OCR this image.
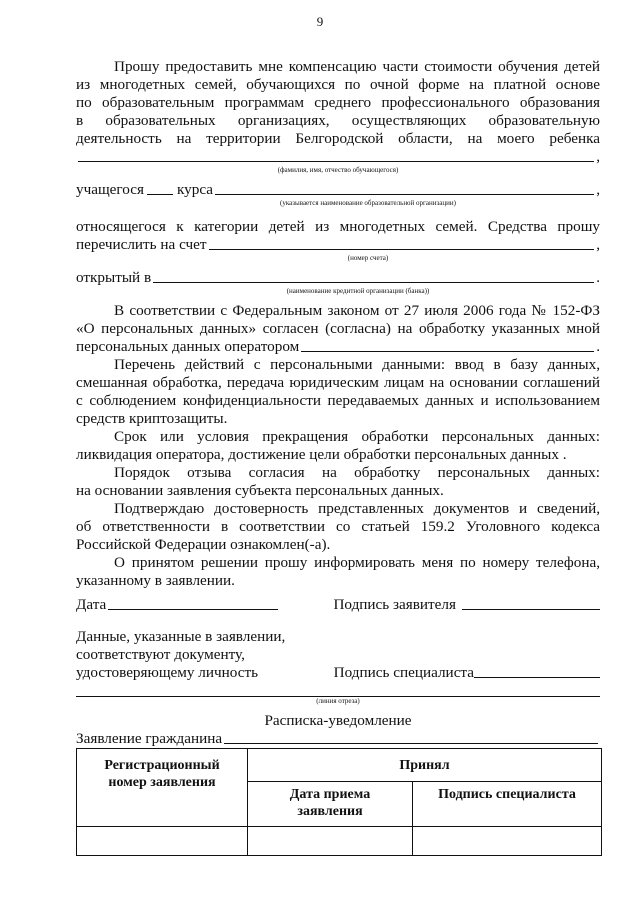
9

Прошу предоставить мне компенсацию части стоимости обучения детей

из многодетных семей, обучающихся по очной форме на платной основе

по образовательным программам среднего профессионального образования

в образовательных организациях, осуществляющих образовательную

деятельность на территории Белгородской области, на моего ребенка

,

(фамилия, имя, отчество обучающегося)

учащегося курса	,

(указывается наименование образовательной организации)

относящегося к категории детей из многодетных семей. Средства прошу

перечислить на счет	,

(номер счета)

открытый в	.

(наименование кредитной организации (банка))

В соответствии с Федеральным законом от 27 июля 2006 года № 152-ФЗ

«О персональных данных» согласен (согласна) на обработку указанных мной

персональных данных оператором	.

Перечень действий с персональными данными: ввод в базу данных,

смешанная обработка, передача юридическим лицам на основании соглашений

с соблюдением конфиденциальности передаваемых данных и использованием

средств криптозащиты.

Срок или условия прекращения обработки персональных данных:

ликвидация оператора, достижение цели обработки персональных данных .

Порядок отзыва согласия на обработку персональных данных:

на основании заявления субъекта персональных данных.

Подтверждаю достоверность представленных документов и сведений,

об ответственности в соответствии со статьей 159.2 Уголовного кодекса

Российской Федерации ознакомлен(-а).

О принятом решении прошу информировать меня по номеру телефона,

указанному в заявлении.

Дата	Подпись заявителя

Данные, указанные в заявлении,

соответствуют документу,

удостоверяющему личность	Подпись специалиста

(линия отреза)

Расписка-уведомление

Заявление гражданина
Регистрационный
номер заявления	Принял	

	Дата приема
заявления	Подпись специалиста
